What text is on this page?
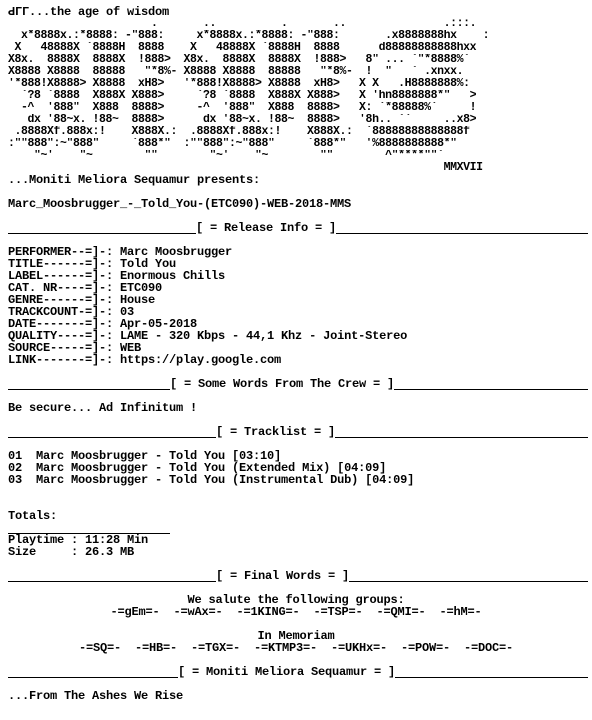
ԀΓΓ...the age of wisdom
.       ..          .       ..               .:::.
x*8888x.:*8888: -"888:     x*8888x.:*8888: -"888:       .x8888888hx    :
X   48888X `8888H  8888    X   48888X `8888H  8888      d88888888888hxx
X8x.  8888X  8888X  !888>  X8x.  8888X  8888X  !888>   8" ... `"*8888%`
X8888 X8888  88888   "*8%- X8888 X8888  88888   "*8%-  !  "   ` .xnxx.
'*888!X8888> X8888  xH8>   '*888!X8888> X8888  xH8>   X X   .H8888888%:
`?8 `8888  X888X X888>     `?8 `8888  X888X X888>   X 'hn8888888*"   >
-^  '888"  X888  8888>     -^  '888"  X888  8888>   X: `*88888%`     !
dx '88~x. !88~  8888>      dx '88~x. !88~  8888>   '8h.. ``     ..x8>
.8888Xf.888x:!    X888X.:  .8888Xf.888x:!    X888X.:  `88888888888888f
:""888":~"888"     `888*"  :""888":~"888"     `888*"   '%8888888888*"
"~'    "~        ""        "~'    "~        ""        ^"****""`
MMXVII
...Moniti Meliora Sequamur presents:
Marc_Moosbrugger_-_Told_You-(ETC090)-WEB-2018-MMS
[ = Release Info = ]
PERFORMER--=]-: Marc Moosbrugger
TITLE------=]-: Told You
LABEL------=]-: Enormous Chills
CAT. NR----=]-: ETC090
GENRE------=]-: House
TRACKCOUNT-=]-: 03
DATE-------=]-: Apr-05-2018
QUALITY----=]-: LAME - 320 Kbps - 44,1 Khz - Joint-Stereo
SOURCE-----=]-: WEB
LINK-------=]-: https://play.google.com
[ = Some Words From The Crew = ]
Be secure... Ad Infinitum !
[ = Tracklist = ]
01  Marc Moosbrugger - Told You [03:10]
02  Marc Moosbrugger - Told You (Extended Mix) [04:09]
03  Marc Moosbrugger - Told You (Instrumental Dub) [04:09]
Totals:
Playtime : 11:28 Min
Size     : 26.3 MB
[ = Final Words = ]
We salute the following groups:
-=gEm=-  -=wAx=-  -=1KING=-  -=TSP=-  -=QMI=-  -=hM=-
In Memoriam
-=SQ=-  -=HB=-  -=TGX=-  -=KTMP3=-  -=UKHx=-  -=POW=-  -=DOC=-
[ = Moniti Meliora Sequamur = ]
...From The Ashes We Rise
